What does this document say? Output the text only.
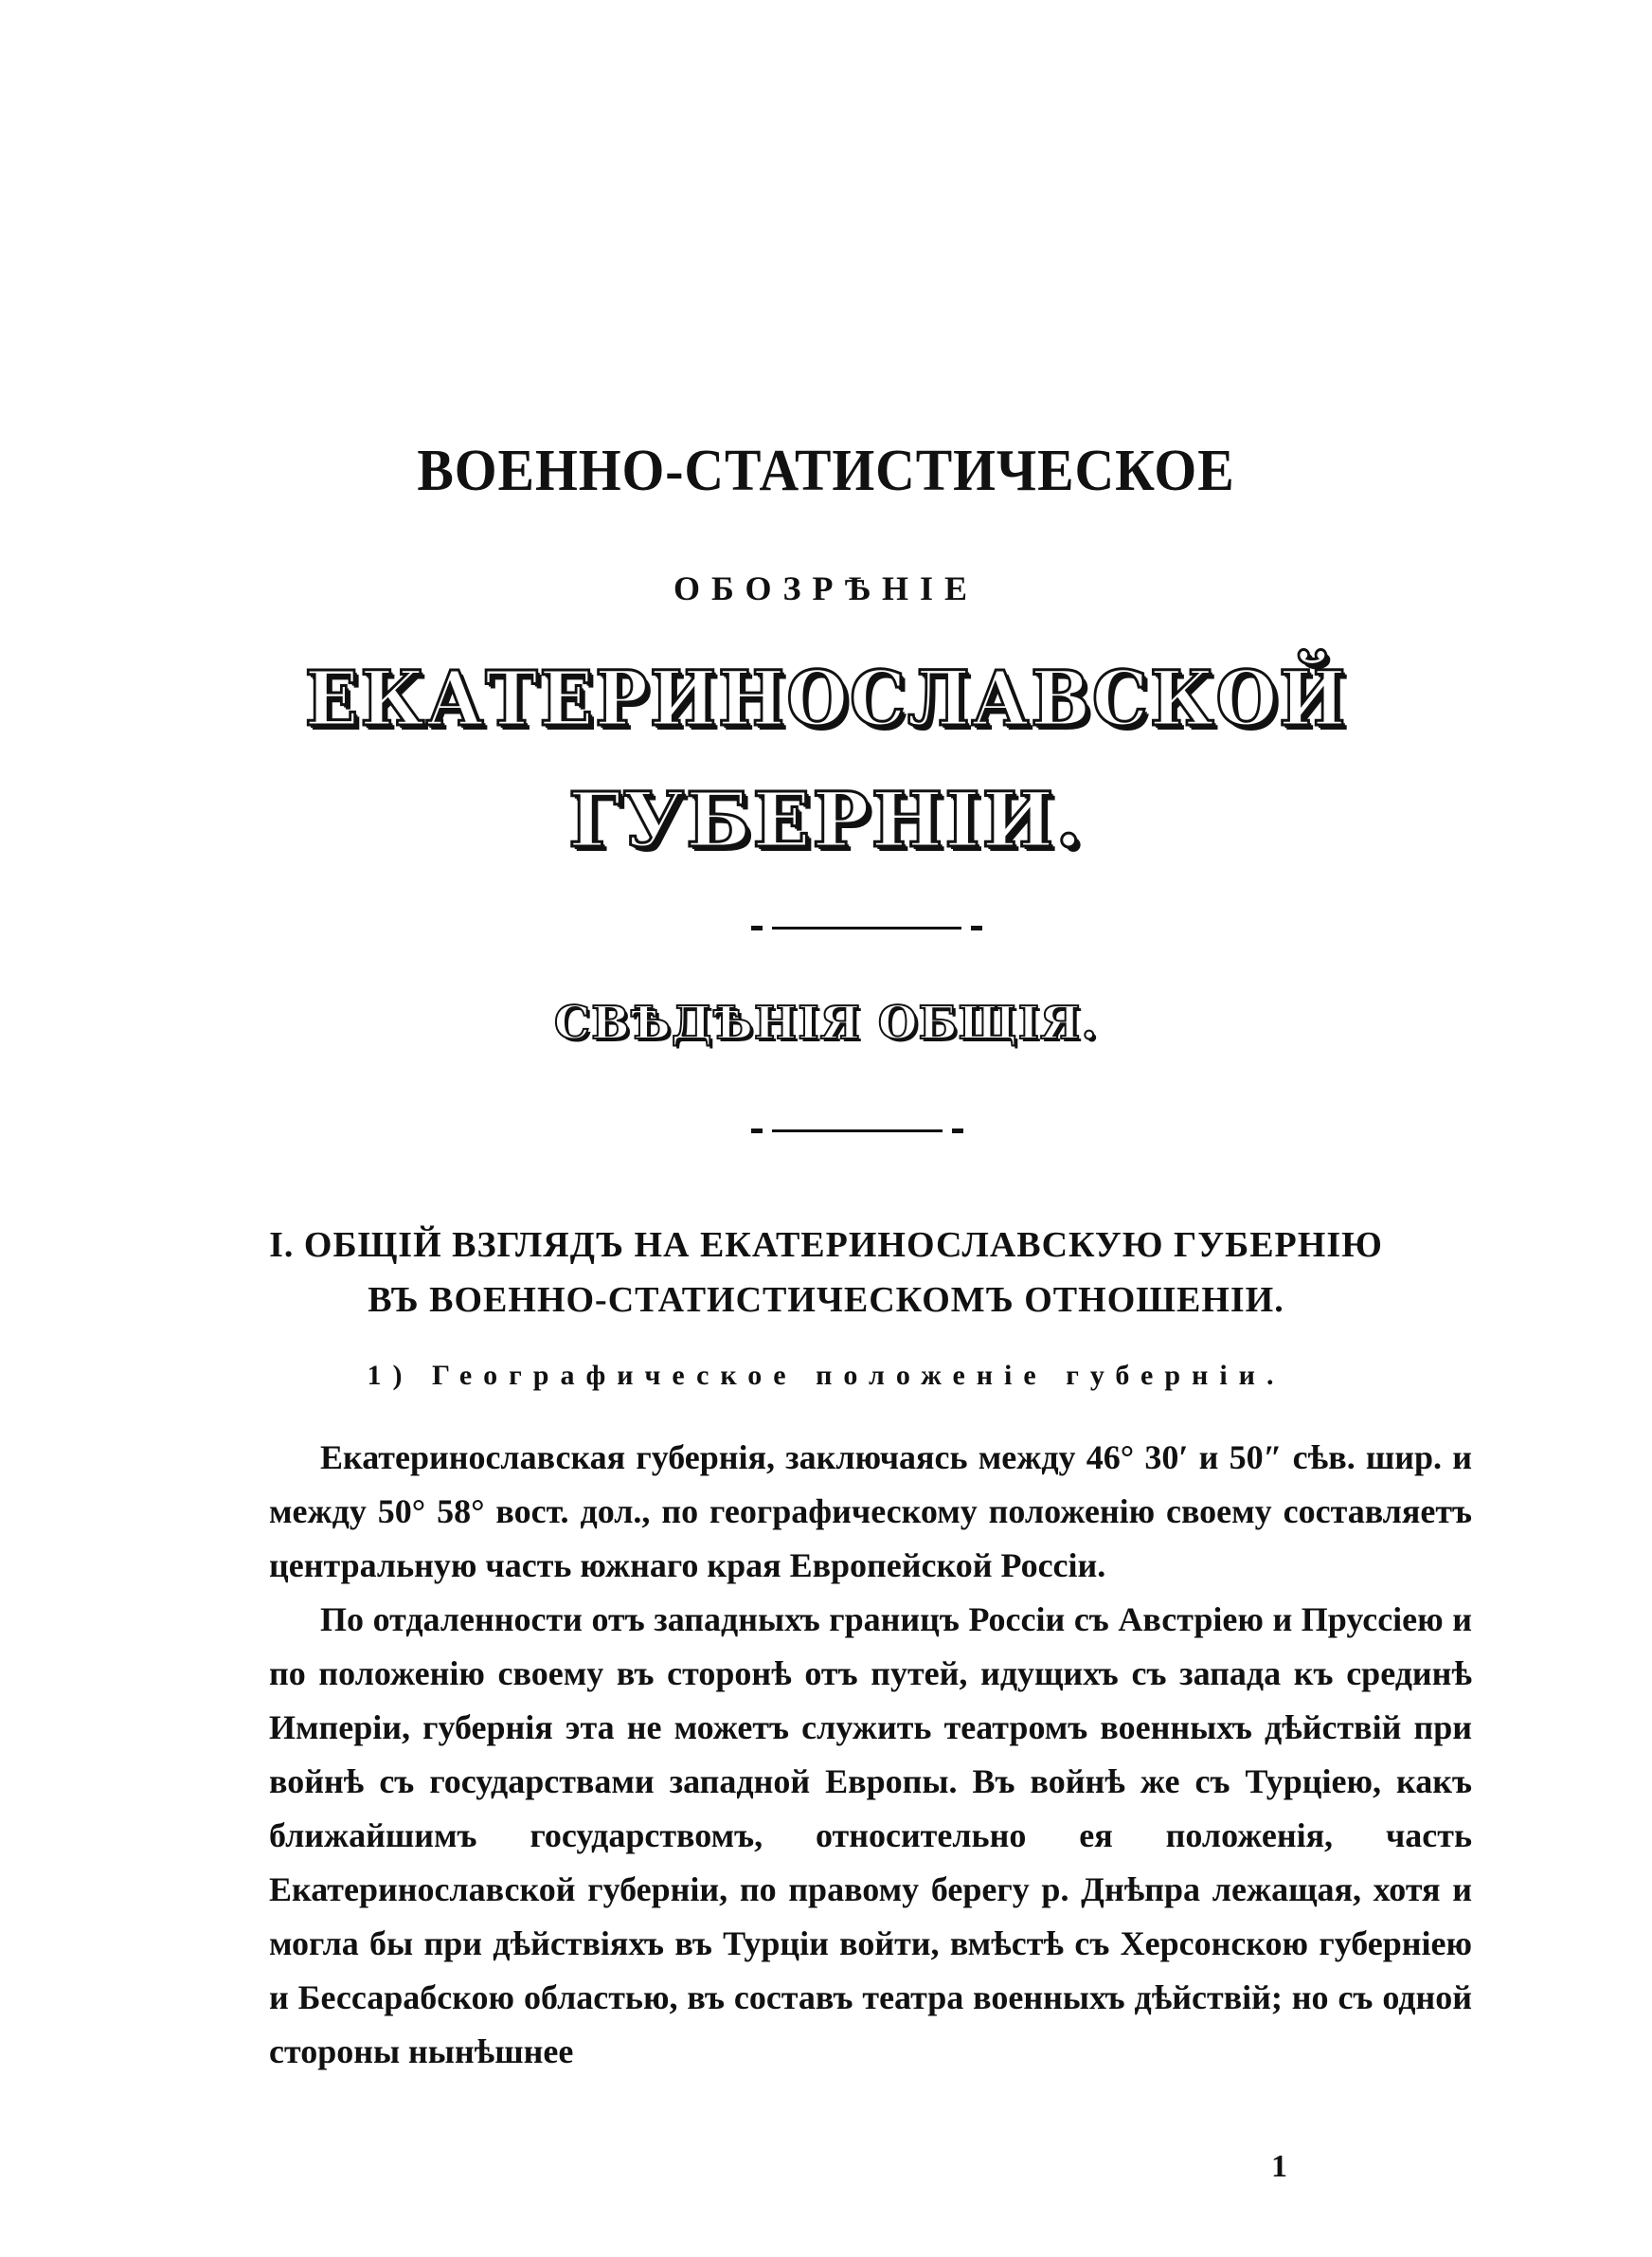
ВОЕННО-СТАТИСТИЧЕСКОЕ
ОБОЗРѢНІЕ
ЕКАТЕРИНОСЛАВСКОЙ
ГУБЕРНІИ.
СВѢДѢНІЯ ОБЩІЯ.
I. ОБЩІЙ ВЗГЛЯДЪ НА ЕКАТЕРИНОСЛАВСКУЮ ГУБЕРНІЮ
ВЪ ВОЕННО-СТАТИСТИЧЕСКОМЪ ОТНОШЕНІИ.
1) Географическое положеніе губерніи.

Екатеринославская губернія, заключаясь между 46° 30′ и 50″ сѣв. шир. и между 50° 58° вост. дол., по географическому положенію своему составляетъ центральную часть южнаго края Европейской Россіи.

По отдаленности отъ западныхъ границъ Россіи съ Австріею и Пруссіею и по положенію своему въ сторонѣ отъ путей, идущихъ съ запада къ срединѣ Имперіи, губернія эта не можетъ служить театромъ военныхъ дѣйствій при войнѣ съ государствами западной Европы. Въ войнѣ же съ Турціею, какъ ближайшимъ государствомъ, относительно ея положенія, часть Екатеринославской губерніи, по правому берегу р. Днѣпра лежащая, хотя и могла бы при дѣйствіяхъ въ Турціи войти, вмѣстѣ съ Херсонскою губерніею и Бессарабскою областью, въ составъ театра военныхъ дѣйствій; но съ одной стороны нынѣшнее

1
